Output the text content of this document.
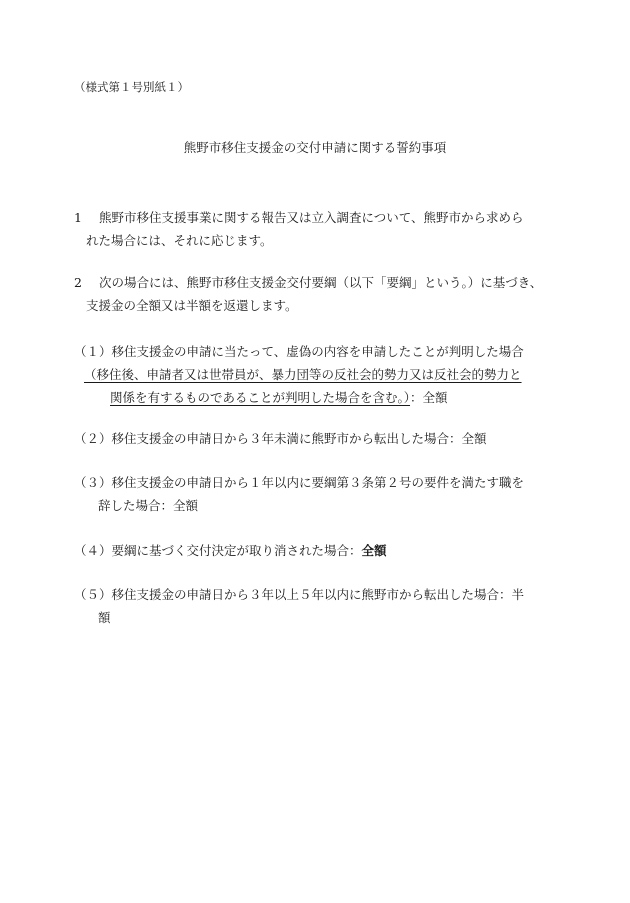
（様式第１号別紙１）
熊野市移住支援金の交付申請に関する誓約事項
1 熊野市移住支援事業に関する報告又は立入調査について、熊野市から求めら
れた場合には、それに応じます。
2 次の場合には、熊野市移住支援金交付要綱（以下「要綱」という。）に基づき、
支援金の全額又は半額を返還します。
（１）移住支援金の申請に当たって、虚偽の内容を申請したことが判明した場合
（移住後、申請者又は世帯員が、暴力団等の反社会的勢力又は反社会的勢力と
関係を有するものであることが判明した場合を含む。）：全額
（２）移住支援金の申請日から３年未満に熊野市から転出した場合：全額
（３）移住支援金の申請日から１年以内に要綱第３条第２号の要件を満たす職を
辞した場合：全額
（４）要綱に基づく交付決定が取り消された場合：全額
（５）移住支援金の申請日から３年以上５年以内に熊野市から転出した場合：半
額
